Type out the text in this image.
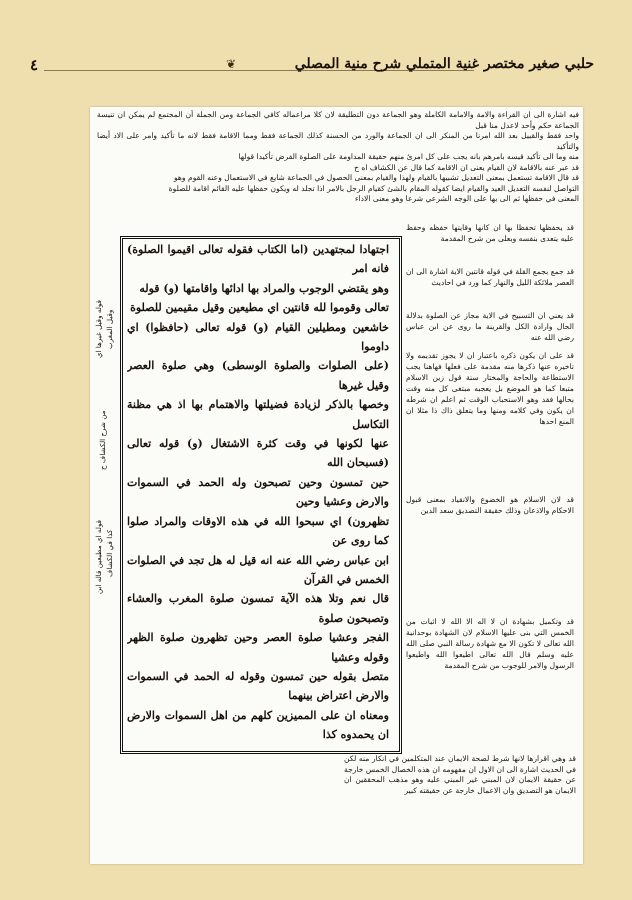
٤	❦	حلبي صغير مختصر غنية المتملي شرح منية المصلي

فيه اشارة الى ان القراءة والامة والامامة الكاملة وهو الجماعة دون التطليقة لان كلا مراعماله كافي الجماعة ومن الجملة أن المجتمع لم يمكن ان تنيسة الجماعة حكم وأحد لاعدل منا قبل

واحد فقط والقبيل بعد الله امرنا من المنكر الى ان الجماعة والورد من الحسنة كذلك الجماعة فقط ومما الاقامة فقط لانه ما تأكيد وامر على الاد أيضا والتأكيد

منه وما الى تأكيد قيسه بامرهم بانه يجب على كل امرئ منهم حقيقة المداومة على الصلوة الفرض تأكيدا قولها

قد عبر عنه بالاقامة لان القيام يعنى ان الاقامة كما قال عن الكشاف اه ح

قد قال الاقامة تستعمل بمعنى التعديل تشبيها بالقيام ولهذا والقيام بمعنى الحصول في الجماعة شايع في الاستعمال وعنه القوم وهو

التواصل لنفسه التعديل العيد والقيام ايضا كقوله المقام بالشئ كقيام الرجل بالامر اذا تجلد له ويكون حفظها عليه القائم اقامة للصلوة

المعنى في حفظها ثم الى بها على الوجه الشرعي شرعا وهو معنى الاداء

اجتهادا لمجتهدين (اما الكتاب فقوله تعالى اقيموا الصلوة) فانه امر

وهو يقتضي الوجوب والمراد بها ادائها واقامتها (و) قوله

تعالى وقوموا لله قانتين اي مطيعين وقيل مقيمين للصلوة

خاشعين ومطيلين القيام (و) قوله تعالى (حافظوا) اي داوموا

(على الصلوات والصلوة الوسطى) وهي صلوة العصر وقيل غيرها

وخصها بالذكر لزيادة فضيلتها والاهتمام بها اذ هي مظنة التكاسل

عنها لكونها في وقت كثرة الاشتغال (و) قوله تعالى (فسبحان الله

حين تمسون وحين تصبحون وله الحمد في السموات والارض وعشيا وحين

تظهرون) اي سبحوا الله في هذه الاوقات والمراد صلوا كما روى عن

ابن عباس رضي الله عنه انه قيل له هل تجد في الصلوات الخمس في القرآن

قال نعم وتلا هذه الآية تمسون صلوة المغرب والعشاء وتصبحون صلوة

الفجر وعشيا صلوة العصر وحين تظهرون صلوة الظهر وقوله وعشيا

متصل بقوله حين تمسون وقوله له الحمد في السموات والارض اعتراض بينهما

ومعناه ان على المميزين كلهم من اهل السموات والارض ان يحمدوه كذا

قد يحفظها تحفظا بها ان كانها وقايتها حفظه وحفظ عليه يتعدى بنفسه وبعلى من شرح المقدمة

قد جمع بجمع القلة في قوله قانتين الاية اشارة الى ان العصر ملائكة الليل والنهار كما ورد في احاديث

قد يعني ان التسبيح في الاية مجاز عن الصلوة بدلالة الحال وارادة الكل والقرينة ما روى عن ابن عباس رضي الله عنه

قد على ان يكون ذكره باعتبار ان لا يجوز تقديمه ولا تاخيره عنها ذكرها منه مقدمة على فعلها فهاهنا يجب الاستطاعة والحاجة والمختار سنة قول زين الاسلام متبعا كما هو الموضع بل يعجبه مبتغى كل منه وقت بحالها فقد وهو الاستحباب الوقت ثم اعلم ان شرطه ان يكون وفي كلامه ومنها وما يتعلق ذاك ذا مثلا ان المنع احدها

قد لان الاسلام هو الخضوع والانقياد بمعنى قبول الاحكام والاذعان وذلك حقيقة التصديق سعد الدين

قد وتكميل بشهادة ان لا اله الا الله لا اثبات من الخمس التي بنى عليها الاسلام لان الشهادة بوحدانية الله تعالى لا تكون الا مع شهادة رسالة النبي صلى الله عليه وسلم قال الله تعالى اطيعوا الله واطيعوا الرسول والامر للوجوب من شرح المقدمة

قوله وقيل غيرها اي
وقيل المغرب
من شرح الكشاف ح
قوله اي مطيعين قاله ابن
كذا في الكشاف

قد وهي اقرارها لانها شرط لصحة الايمان عند المتكلمين في انكار منه لكن في الحديث اشارة الى ان الاول ان مفهومه ان هذه الخصال الخمس خارجة عن حقيقة الايمان لان المبني غير المبني عليه وهو مذهب المحققين ان الايمان هو التصديق وان الاعمال خارجة عن حقيقته كبير
